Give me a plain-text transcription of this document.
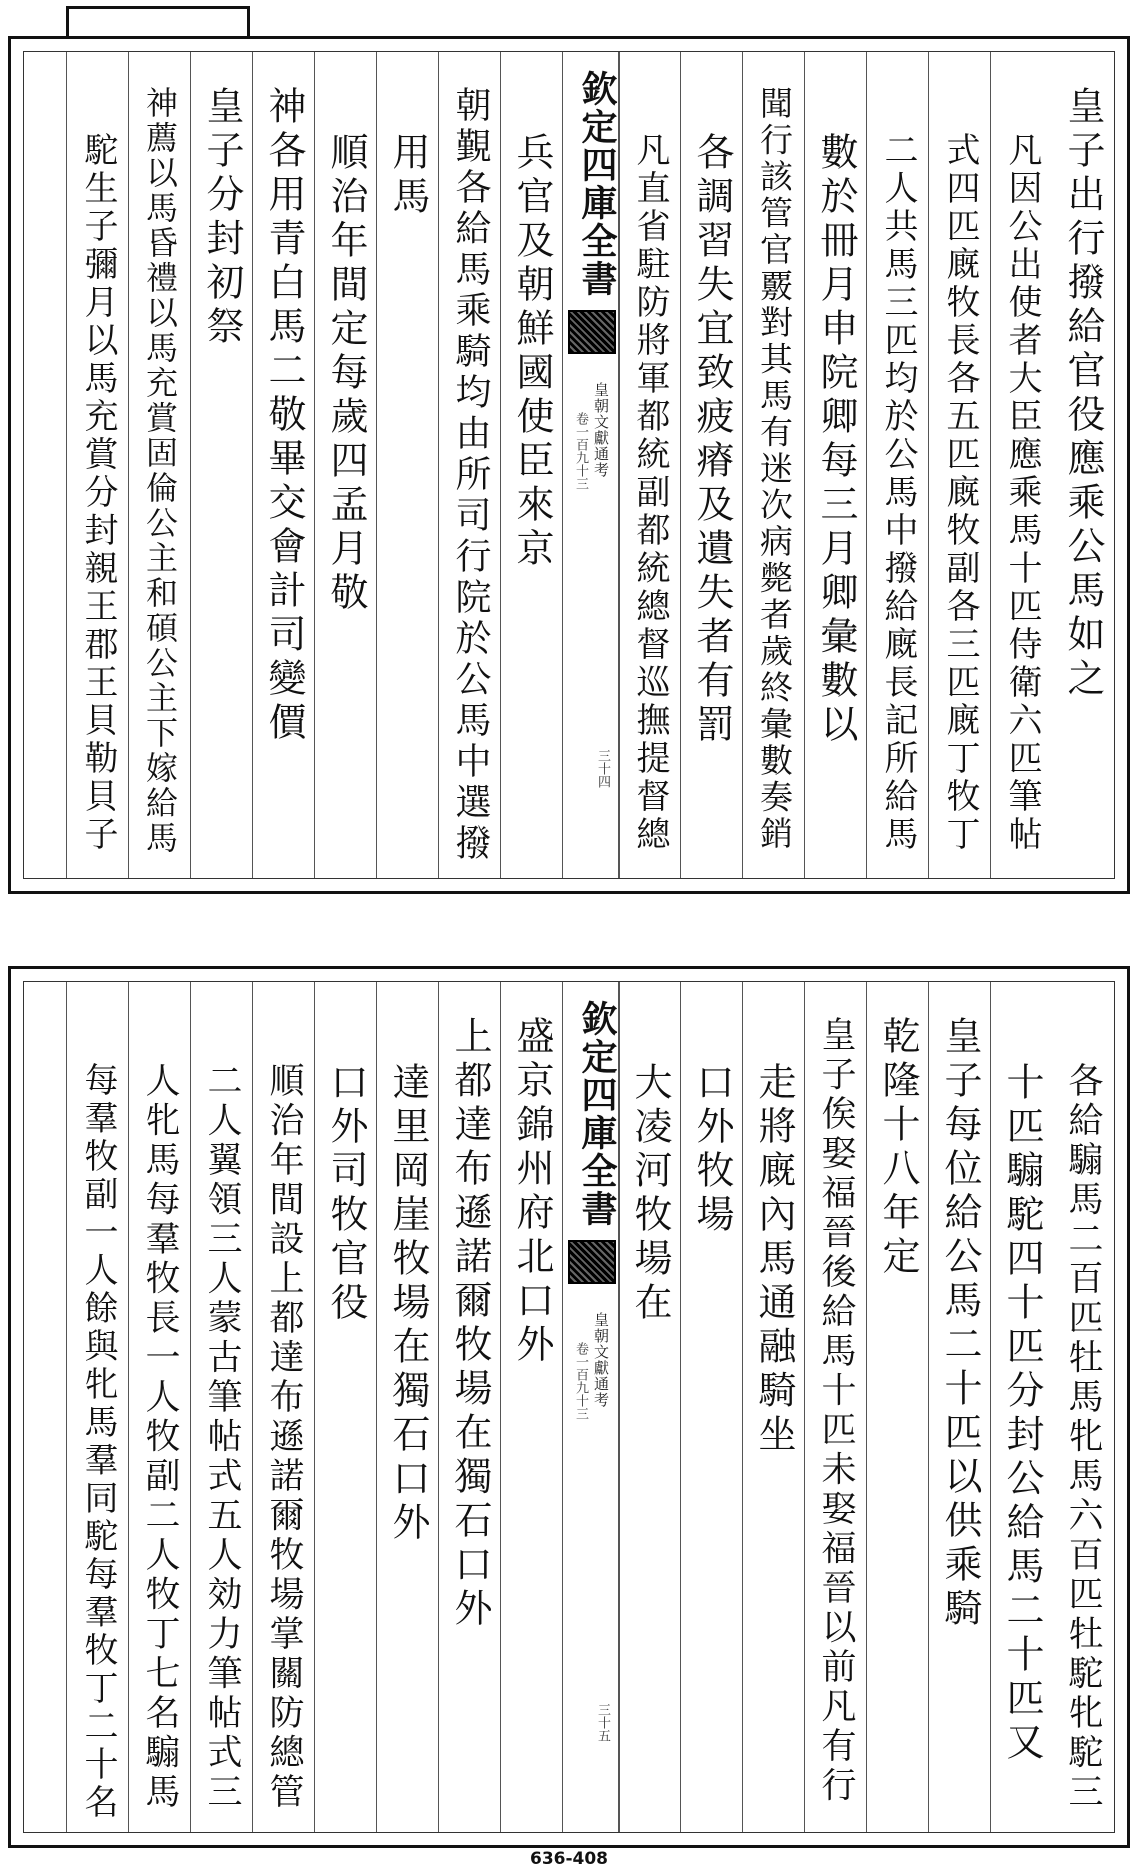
皇子出行撥給官役應乘公馬如之
凡因公出使者大臣應乘馬十匹侍衛六匹筆帖
式四匹廐牧長各五匹廐牧副各三匹廐丁牧丁
二人共馬三匹均於公馬中撥給廐長記所給馬
數於冊月申院卿每三月卿彙數以
聞行該管官覈對其馬有迷次病斃者歲終彙數奏銷
各調習失宜致疲瘠及遺失者有罰
凡直省駐防將軍都統副都統總督巡撫提督總
欽定四庫全書
皇朝文獻通考
卷一百九十三
三十四
兵官及朝鮮國使臣來京
朝覲各給馬乘騎均由所司行院於公馬中選撥
用馬
順治年間定每歲四孟月敬
神各用青白馬二敬畢交會計司變價
皇子分封初祭
神薦以馬昏禮以馬充賞固倫公主和碩公主下嫁給馬
駝生子彌月以馬充賞分封親王郡王貝勒貝子
各給騸馬二百匹牡馬牝馬六百匹牡駝牝駝三
十匹騸駝四十匹分封公給馬二十匹又
皇子每位給公馬二十匹以供乘騎
乾隆十八年定
皇子俟娶福晉後給馬十匹未娶福晉以前凡有行
走將廐內馬通融騎坐
口外牧場
大凌河牧場在
欽定四庫全書
皇朝文獻通考
卷一百九十三
三十五
盛京錦州府北口外
上都達布遜諾爾牧場在獨石口外
達里岡崖牧場在獨石口外
口外司牧官役
順治年間設上都達布遜諾爾牧場掌關防總管
二人翼領三人蒙古筆帖式五人効力筆帖式三
人牝馬每羣牧長一人牧副二人牧丁七名騸馬
每羣牧副一人餘與牝馬羣同駝每羣牧丁二十名
636-408
